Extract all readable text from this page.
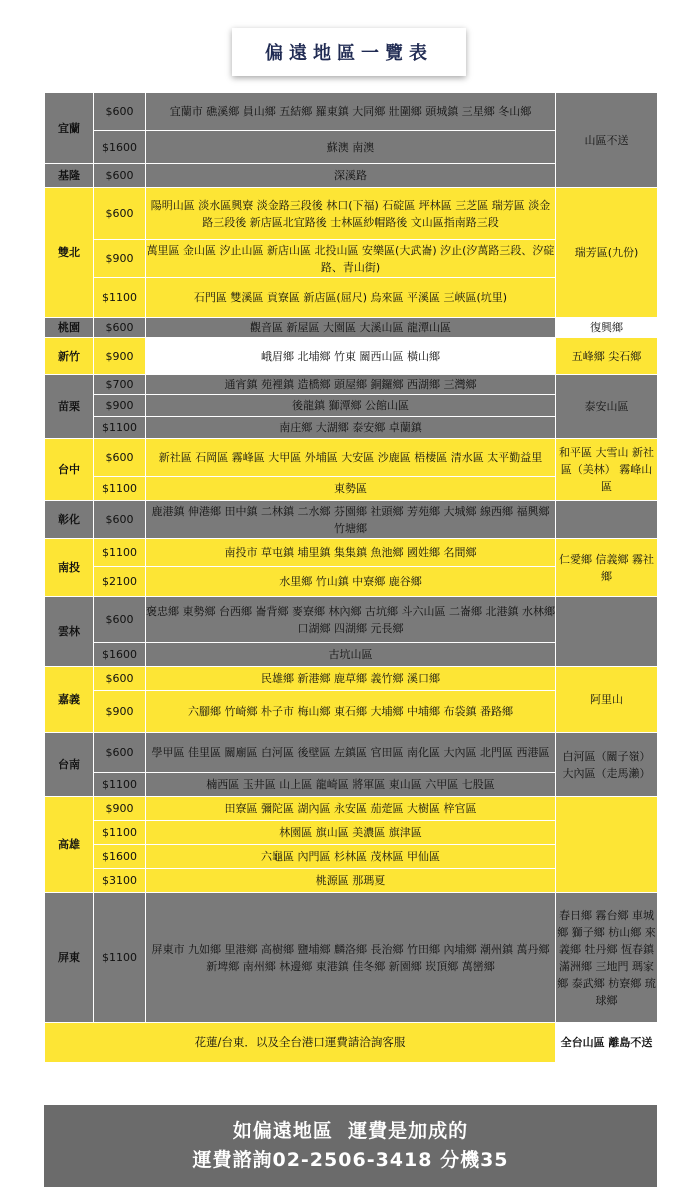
偏遠地區一覽表
宜蘭	$600	宜蘭市 礁溪鄉 員山鄉 五結鄉 羅東鎮 大同鄉 壯圍鄉 頭城鎮 三星鄉 冬山鄉	山區不送
	$1600	蘇澳 南澳	
基隆	$600	深溪路	
雙北	$600	陽明山區 淡水區興寮 淡金路三段後 林口(下福) 石碇區 坪林區 三芝區 瑞芳區 淡金路三段後 新店區北宜路後 士林區紗帽路後 文山區指南路三段	瑞芳區(九份)
	$900	萬里區 金山區 汐止山區 新店山區 北投山區 安樂區(大武崙) 汐止(汐萬路三段、汐碇路、青山街)	
	$1100	石門區 雙溪區 貢寮區 新店區(屈尺) 烏來區 平溪區 三峽區(坑里)	
桃園	$600	觀音區 新屋區 大園區 大溪山區 龍潭山區	復興鄉
新竹	$900	峨眉鄉 北埔鄉 竹東 關西山區 橫山鄉	五峰鄉 尖石鄉
苗栗	$700	通宵鎮 苑裡鎮 造橋鄉 頭屋鄉 銅鑼鄉 西湖鄉 三灣鄉	泰安山區
	$900	後龍鎮 獅潭鄉 公館山區	
	$1100	南庄鄉 大湖鄉 泰安鄉 卓蘭鎮	
台中	$600	新社區 石岡區 霧峰區 大甲區 外埔區 大安區 沙鹿區 梧棲區 清水區 太平勤益里	和平區 大雪山 新社區（美林） 霧峰山區
	$1100	東勢區	
彰化	$600	鹿港鎮 伸港鄉 田中鎮 二林鎮 二水鄉 芬園鄉 社頭鄉 芳苑鄉 大城鄉 線西鄉 福興鄉 竹塘鄉	
南投	$1100	南投市 草屯鎮 埔里鎮 集集鎮 魚池鄉 國姓鄉 名間鄉	仁愛鄉 信義鄉 霧社鄉
	$2100	水里鄉 竹山鎮 中寮鄉 鹿谷鄉	
雲林	$600	褒忠鄉 東勢鄉 台西鄉 崙背鄉 麥寮鄉 林內鄉 古坑鄉 斗六山區 二崙鄉 北港鎮 水林鄉 口湖鄉 四湖鄉 元長鄉	
	$1600	古坑山區	
嘉義	$600	民雄鄉 新港鄉 鹿草鄉 義竹鄉 溪口鄉	阿里山
	$900	六腳鄉 竹崎鄉 朴子市 梅山鄉 東石鄉 大埔鄉 中埔鄉 布袋鎮 番路鄉	
台南	$600	學甲區 佳里區 關廟區 白河區 後壁區 左鎮區 官田區 南化區 大內區 北門區 西港區	白河區（關子嶺） 大內區（走馬瀨）
	$1100	楠西區 玉井區 山上區 龍崎區 將軍區 東山區 六甲區 七股區	
高雄	$900	田寮區 彌陀區 湖內區 永安區 茄萣區 大樹區 梓官區	
	$1100	林園區 旗山區 美濃區 旗津區	
	$1600	六龜區 內門區 杉林區 茂林區 甲仙區	
	$3100	桃源區 那瑪夏	
屏東	$1100	屏東市 九如鄉 里港鄉 高樹鄉 鹽埔鄉 麟洛鄉 長治鄉 竹田鄉 內埔鄉 潮州鎮 萬丹鄉 新埤鄉 南州鄉 林邊鄉 東港鎮 佳冬鄉 新園鄉 崁頂鄉 萬巒鄉	春日鄉 霧台鄉 車城鄉 獅子鄉 枋山鄉 來義鄉 牡丹鄉 恆春鎮 滿洲鄉 三地門 瑪家鄉 泰武鄉 枋寮鄉 琉球鄉
花蓮/台東．以及全台港口運費請洽詢客服			全台山區 離島不送
如偏遠地區  運費是加成的
運費諮詢02-2506-3418 分機35
